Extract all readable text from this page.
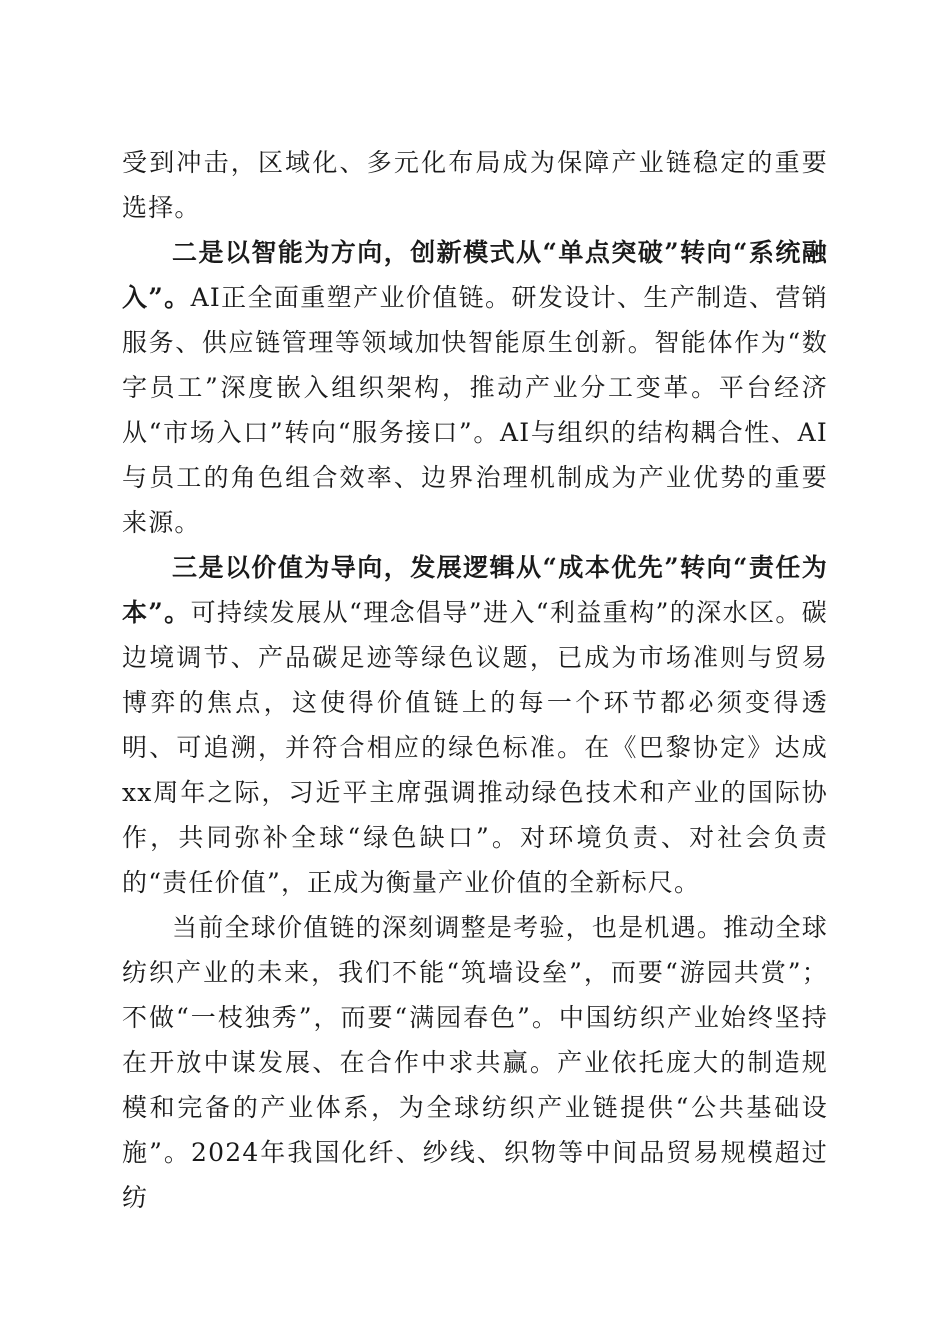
受到冲击，区域化、多元化布局成为保障产业链稳定的重要选择。

二是以智能为方向，创新模式从“单点突破”转向“系统融入”。AI正全面重塑产业价值链。研发设计、生产制造、营销服务、供应链管理等领域加快智能原生创新。智能体作为“数字员工”深度嵌入组织架构，推动产业分工变革。平台经济从“市场入口”转向“服务接口”。AI与组织的结构耦合性、AI与员工的角色组合效率、边界治理机制成为产业优势的重要来源。

三是以价值为导向，发展逻辑从“成本优先”转向“责任为本”。可持续发展从“理念倡导”进入“利益重构”的深水区。碳边境调节、产品碳足迹等绿色议题，已成为市场准则与贸易博弈的焦点，这使得价值链上的每一个环节都必须变得透明、可追溯，并符合相应的绿色标准。在《巴黎协定》达成xx周年之际，习近平主席强调推动绿色技术和产业的国际协作，共同弥补全球“绿色缺口”。对环境负责、对社会负责的“责任价值”，正成为衡量产业价值的全新标尺。

当前全球价值链的深刻调整是考验，也是机遇。推动全球纺织产业的未来，我们不能“筑墙设垒”，而要“游园共赏”；不做“一枝独秀”，而要“满园春色”。中国纺织产业始终坚持在开放中谋发展、在合作中求共赢。产业依托庞大的制造规模和完备的产业体系，为全球纺织产业链提供“公共基础设施”。2024年我国化纤、纱线、织物等中间品贸易规模超过纺
